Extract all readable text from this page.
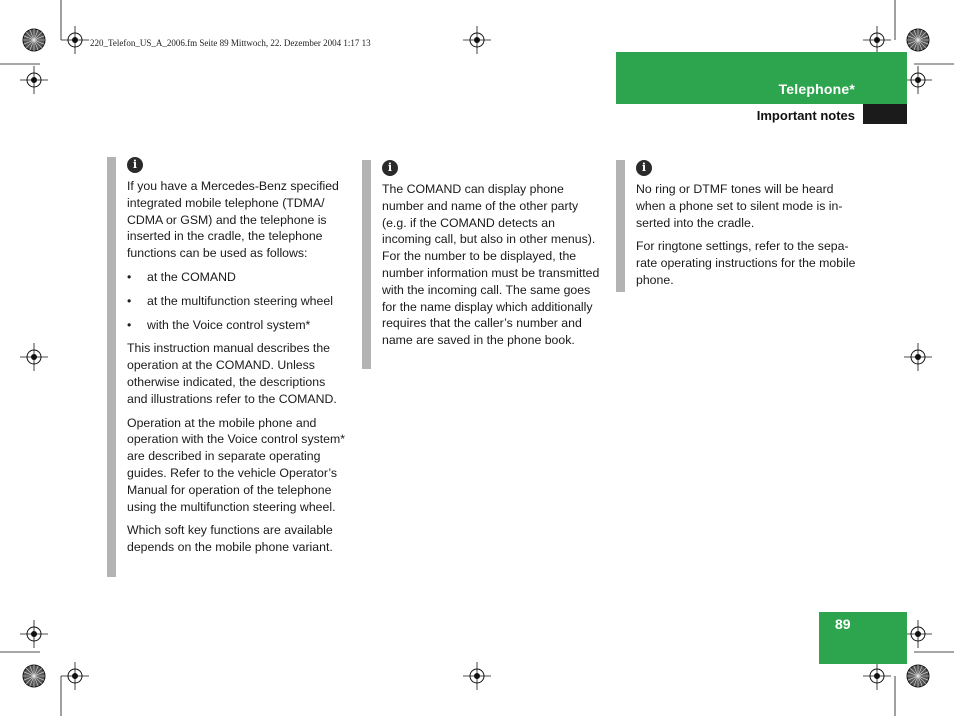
220_Telefon_US_A_2006.fm Seite 89 Mittwoch, 22. Dezember 2004 1:17 13
Telephone*
Important notes
i

If you have a Mercedes-Benz specified integrated mobile telephone (TDMA/ CDMA or GSM) and the telephone is inserted in the cradle, the telephone functions can be used as follows:

• at the COMAND
• at the multifunction steering wheel
• with the Voice control system*

This instruction manual describes the operation at the COMAND. Unless otherwise indicated, the descriptions and illustrations refer to the COMAND.

Operation at the mobile phone and operation with the Voice control system* are described in separate operating guides. Refer to the vehicle Operator’s Manual for operation of the telephone using the multifunction steering wheel.

Which soft key functions are available depends on the mobile phone variant.

i

The COMAND can display phone number and name of the other party (e.g. if the COMAND detects an incoming call, but also in other menus). For the number to be displayed, the number information must be transmitted with the incoming call. The same goes for the name display which additionally requires that the caller’s number and name are saved in the phone book.

i

No ring or DTMF tones will be heard when a phone set to silent mode is in-serted into the cradle.

For ringtone settings, refer to the sepa-rate operating instructions for the mobile phone.

89
